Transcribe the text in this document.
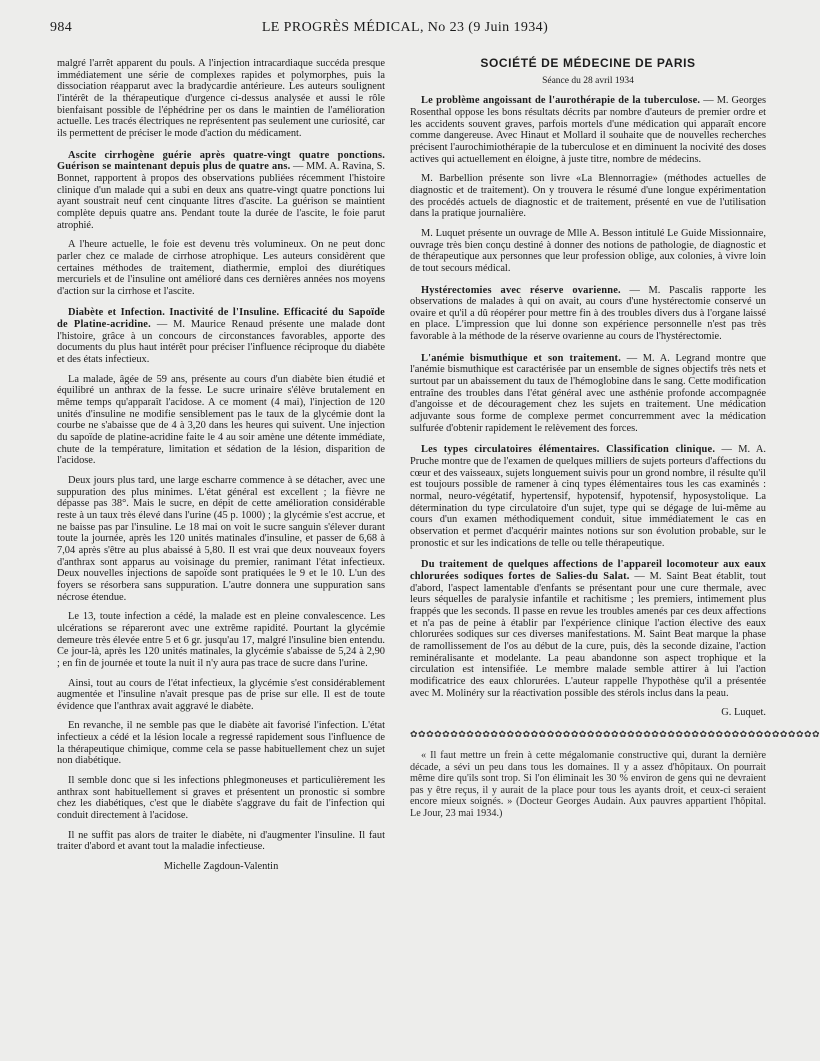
984	LE PROGRÈS MÉDICAL, No 23 (9 Juin 1934)

malgré l'arrêt apparent du pouls. A l'injection intracardiaque succéda presque immédiatement une série de complexes rapides et polymorphes, puis la dissociation réapparut avec la bradycardie antérieure. Les auteurs soulignent l'intérêt de la thérapeutique d'urgence ci-dessus analysée et aussi le rôle bienfaisant possible de l'éphédrine per os dans le maintien de l'amélioration actuelle. Les tracés électriques ne représentent pas seulement une curiosité, car ils permettent de préciser le mode d'action du médicament.

Ascite cirrhogène guérie après quatre-vingt quatre ponctions. Guérison se maintenant depuis plus de quatre ans. — MM. A. Ravina, S. Bonnet, rapportent à propos des observations publiées récemment l'histoire clinique d'un malade qui a subi en deux ans quatre-vingt quatre ponctions lui ayant soustrait neuf cent cinquante litres d'ascite. La guérison se maintient complète depuis quatre ans. Pendant toute la durée de l'ascite, le foie parut atrophié.

A l'heure actuelle, le foie est devenu très volumineux. On ne peut donc parler chez ce malade de cirrhose atrophique. Les auteurs considèrent que certaines méthodes de traitement, diathermie, emploi des diurétiques mercuriels et de l'insuline ont amélioré dans ces dernières années nos moyens d'action sur la cirrhose et l'ascite.

Diabète et Infection. Inactivité de l'Insuline. Efficacité du Sapoïde de Platine-acridine. — M. Maurice Renaud présente une malade dont l'histoire, grâce à un concours de circonstances favorables, apporte des documents du plus haut intérêt pour préciser l'influence réciproque du diabète et des états infectieux.

La malade, âgée de 59 ans, présente au cours d'un diabète bien étudié et équilibré un anthrax de la fesse. Le sucre urinaire s'élève brutalement en même temps qu'apparaît l'acidose. A ce moment (4 mai), l'injection de 120 unités d'insuline ne modifie sensiblement pas le taux de la glycémie dont la courbe ne s'abaisse que de 4 à 3,20 dans les heures qui suivent. Une injection du sapoïde de platine-acridine faite le 4 au soir amène une détente immédiate, chute de la température, limitation et sédation de la lésion, disparition de l'acidose.

Deux jours plus tard, une large escharre commence à se détacher, avec une suppuration des plus minimes. L'état général est excellent ; la fièvre ne dépasse pas 38°. Mais le sucre, en dépit de cette amélioration considérable reste à un taux très élevé dans l'urine (45 p. 1000) ; la glycémie s'est accrue, et ne baisse pas par l'insuline. Le 18 mai on voit le sucre sanguin s'élever durant toute la journée, après les 120 unités matinales d'insuline, et passer de 6,68 à 7,04 après s'être au plus abaissé à 5,80. Il est vrai que deux nouveaux foyers d'anthrax sont apparus au voisinage du premier, ranimant l'état infectieux. Deux nouvelles injections de sapoïde sont pratiquées le 9 et le 10. L'un des foyers se résorbera sans suppuration. L'autre donnera une suppuration sans nécrose étendue.

Le 13, toute infection a cédé, la malade est en pleine convalescence. Les ulcérations se répareront avec une extrême rapidité. Pourtant la glycémie demeure très élevée entre 5 et 6 gr. jusqu'au 17, malgré l'insuline bien entendu. Ce jour-là, après les 120 unités matinales, la glycémie s'abaisse de 5,24 à 2,90 ; en fin de journée et toute la nuit il n'y aura pas trace de sucre dans l'urine.

Ainsi, tout au cours de l'état infectieux, la glycémie s'est considérablement augmentée et l'insuline n'avait presque pas de prise sur elle. Il est de toute évidence que l'anthrax avait aggravé le diabète.

En revanche, il ne semble pas que le diabète ait favorisé l'infection. L'état infectieux a cédé et la lésion locale a regressé rapidement sous l'influence de la thérapeutique chimique, comme cela se passe habituellement chez un sujet non diabétique.

Il semble donc que si les infections phlegmoneuses et particulièrement les anthrax sont habituellement si graves et présentent un pronostic si sombre chez les diabétiques, c'est que le diabète s'aggrave du fait de l'infection qui conduit directement à l'acidose.

Il ne suffit pas alors de traiter le diabète, ni d'augmenter l'insuline. Il faut traiter d'abord et avant tout la maladie infectieuse.

Michelle Zagdoun-Valentin
SOCIÉTÉ DE MÉDECINE DE PARIS
Séance du 28 avril 1934

Le problème angoissant de l'aurothérapie de la tuberculose. — M. Georges Rosenthal oppose les bons résultats décrits par nombre d'auteurs de premier ordre et les accidents souvent graves, parfois mortels d'une médication qui apparaît encore comme dangereuse. Avec Hinaut et Mollard il souhaite que de nouvelles recherches précisent l'aurochimiothérapie de la tuberculose et en diminuent la nocivité des doses actives qui actuellement en éloigne, à juste titre, nombre de médecins.

M. Barbellion présente son livre «La Blennorragie» (méthodes actuelles de diagnostic et de traitement). On y trouvera le résumé d'une longue expérimentation des procédés actuels de diagnostic et de traitement, présenté en vue de l'utilisation dans la pratique journalière.

M. Luquet présente un ouvrage de Mlle A. Besson intitulé Le Guide Missionnaire, ouvrage très bien conçu destiné à donner des notions de pathologie, de diagnostic et de thérapeutique aux personnes que leur profession oblige, aux colonies, à vivre loin de tout secours médical.

Hystérectomies avec réserve ovarienne. — M. Pascalis rapporte les observations de malades à qui on avait, au cours d'une hystérectomie conservé un ovaire et qu'il a dû réopérer pour mettre fin à des troubles divers dus à l'organe laissé en place. L'impression que lui donne son expérience personnelle n'est pas très favorable à la méthode de la réserve ovarienne au cours de l'hystérectomie.

L'anémie bismuthique et son traitement. — M. A. Legrand montre que l'anémie bismuthique est caractérisée par un ensemble de signes objectifs très nets et surtout par un abaissement du taux de l'hémoglobine dans le sang. Cette modification entraîne des troubles dans l'état général avec une asthénie profonde accompagnée d'angoisse et de découragement chez les sujets en traitement. Une médication adjuvante sous forme de complexe permet concurremment avec la médication sulfurée d'obtenir rapidement le relèvement des forces.

Les types circulatoires élémentaires. Classification clinique. — M. A. Pruche montre que de l'examen de quelques milliers de sujets porteurs d'affections du cœur et des vaisseaux, sujets longuement suivis pour un grond nombre, il résulte qu'il est toujours possible de ramener à cinq types élémentaires tous les cas examinés : normal, neuro-végétatif, hypertensif, hypotensif, hypotensif, hyposystolique. La détermination du type circulatoire d'un sujet, type qui se dégage de lui-même au cours d'un examen méthodiquement conduit, situe immédiatement le cas en observation et permet d'acquérir maintes notions sur son évolution probable, sur le pronostic et sur les indications de telle ou telle thérapeutique.

Du traitement de quelques affections de l'appareil locomoteur aux eaux chlorurées sodiques fortes de Salies-du Salat. — M. Saint Beat établit, tout d'abord, l'aspect lamentable d'enfants se présentant pour une cure thermale, avec leurs séquelles de paralysie infantile et rachitisme ; les premiers, intimement plus frappés que les seconds. Il passe en revue les troubles amenés par ces deux affections et n'a pas de peine à établir par l'expérience clinique l'action élective des eaux chlorurées sodiques sur ces diverses manifestations. M. Saint Beat marque la phase de ramollissement de l'os au début de la cure, puis, dès la seconde dizaine, l'action reminéralisante et modelante. La peau abandonne son aspect trophique et la circulation est intensifiée. Le membre malade semble attirer à lui l'action modificatrice des eaux chlorurées. L'auteur rappelle l'hypothèse qu'il a présentée avec M. Molinéry sur la réactivation possible des stérols inclus dans la peau.

G. Luquet.
✿✿✿✿✿✿✿✿✿✿✿✿✿✿✿✿✿✿✿✿✿✿✿✿✿✿✿✿✿✿✿✿✿✿✿✿✿✿✿✿✿✿✿✿✿✿✿✿✿✿✿

« Il faut mettre un frein à cette mégalomanie constructive qui, durant la dernière décade, a sévi un peu dans tous les domaines. Il y a assez d'hôpitaux. On pourrait même dire qu'ils sont trop. Si l'on éliminait les 30 % environ de gens qui ne devraient pas y être reçus, il y aurait de la place pour tous les ayants droit, et ceux-ci seraient encore mieux soignés. » (Docteur Georges Audain. Aux pauvres appartient l'hôpital. Le Jour, 23 mai 1934.)
